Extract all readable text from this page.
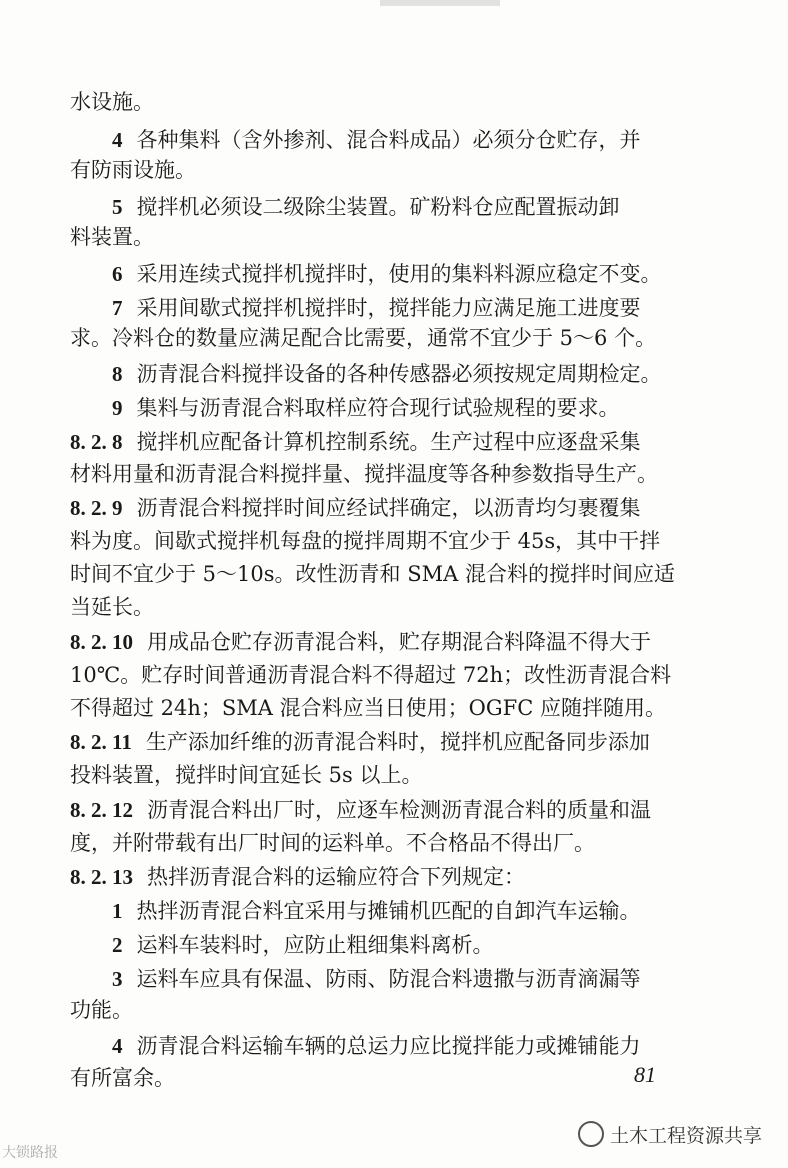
水设施。
4 各种集料（含外掺剂、混合料成品）必须分仓贮存，并
有防雨设施。
5 搅拌机必须设二级除尘装置。矿粉料仓应配置振动卸
料装置。
6 采用连续式搅拌机搅拌时，使用的集料料源应稳定不变。
7 采用间歇式搅拌机搅拌时，搅拌能力应满足施工进度要
求。冷料仓的数量应满足配合比需要，通常不宜少于 5～6 个。
8 沥青混合料搅拌设备的各种传感器必须按规定周期检定。
9 集料与沥青混合料取样应符合现行试验规程的要求。
8. 2. 8 搅拌机应配备计算机控制系统。生产过程中应逐盘采集
材料用量和沥青混合料搅拌量、搅拌温度等各种参数指导生产。
8. 2. 9 沥青混合料搅拌时间应经试拌确定，以沥青均匀裹覆集
料为度。间歇式搅拌机每盘的搅拌周期不宜少于 45s，其中干拌
时间不宜少于 5～10s。改性沥青和 SMA 混合料的搅拌时间应适
当延长。
8. 2. 10 用成品仓贮存沥青混合料，贮存期混合料降温不得大于
10℃。贮存时间普通沥青混合料不得超过 72h；改性沥青混合料
不得超过 24h；SMA 混合料应当日使用；OGFC 应随拌随用。
8. 2. 11 生产添加纤维的沥青混合料时，搅拌机应配备同步添加
投料装置，搅拌时间宜延长 5s 以上。
8. 2. 12 沥青混合料出厂时，应逐车检测沥青混合料的质量和温
度，并附带载有出厂时间的运料单。不合格品不得出厂。
8. 2. 13 热拌沥青混合料的运输应符合下列规定：
1 热拌沥青混合料宜采用与摊铺机匹配的自卸汽车运输。
2 运料车装料时，应防止粗细集料离析。
3 运料车应具有保温、防雨、防混合料遗撒与沥青滴漏等
功能。
4 沥青混合料运输车辆的总运力应比搅拌能力或摊铺能力
有所富余。	81
土木工程资源共享
大锁路报
